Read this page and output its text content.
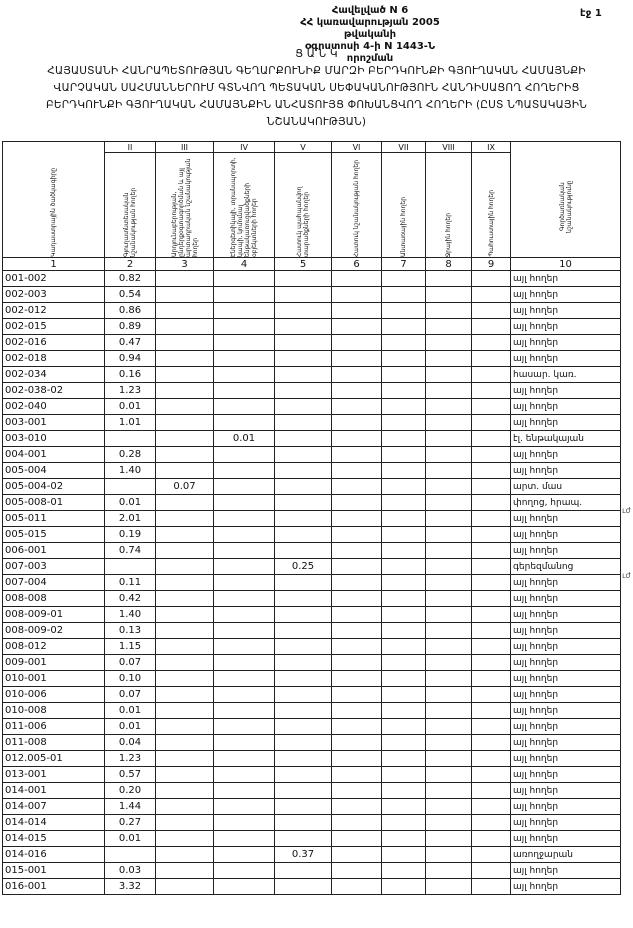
Հավելված N 6
ՀՀ կառավարության 2005 թվականի
օգոստոսի 4-ի N 1443-Ն որոշման
էջ 1
Ց Ա Ն Կ
ՀԱՅԱՍՏԱՆԻ ՀԱՆՐԱՊԵՏՈՒԹՅԱՆ ԳԵՂԱՐՔՈՒՆԻՔ ՄԱՐԶԻ ԲԵՐԴԿՈՒՆՔԻ ԳՅՈՒՂԱԿԱՆ ՀԱՄԱՅՆՔԻ
ՎԱՐՉԱԿԱՆ ՍԱՀՄԱՆՆԵՐՈՒՄ ԳՏՆՎՈՂ ՊԵՏԱԿԱՆ ՍԵՓԱԿԱՆՈՒԹՅՈՒՆ ՀԱՆԴԻՍԱՑՈՂ ՀՈՂԵՐԻՑ
ԲԵՐԴԿՈՒՆՔԻ ԳՅՈՒՂԱԿԱՆ ՀԱՄԱՅՆՔԻՆ ԱՆՀԱՏՈՒՅՑ ՓՈԽԱՆՑՎՈՂ ՀՈՂԵՐԻ (ԸՍՏ ՆՊԱՏԱԿԱՅԻՆ
ՆՇԱՆԱԿՈՒԹՅԱՆ)
Կադաստրային ծածկագիրը	II	III	IV	V	VI	VII	VIII	IX	Գործառնական նշանակությունը

	Գյուղատնտեսական նշանակության հողեր	Արդյունաբերության, ընդերքօգտագործման և այլ արտադրական նշանակության հողեր	Էներգետիկայի, տրանսպորտի, կապի, կոմունալ ենթակառուցվածքների օբյեկտների հողեր	Հատուկ պահպանվող տարածքների հողեր	Հատուկ նշանակության հողեր	Անտառային հողեր	Ջրային հողեր	Պահուստային հողեր	

1	2	3	4	5	6	7	8	9	10
001-002	0.82								այլ հողեր
002-003	0.54								այլ հողեր
002-012	0.86								այլ հողեր
002-015	0.89								այլ հողեր
002-016	0.47								այլ հողեր
002-018	0.94								այլ հողեր
002-034	0.16								հասար. կառ.
002-038-02	1.23								այլ հողեր
002-040	0.01								այլ հողեր
003-001	1.01								այլ հողեր
003-010			0.01						էլ. ենթակայան
004-001	0.28								այլ հողեր
005-004	1.40								այլ հողեր
005-004-02		0.07							արտ. մաս
005-008-01	0.01								փողոց, հրապ.
005-011	2.01								այլ հողեր
005-015	0.19								այլ հողեր
006-001	0.74								այլ հողեր
007-003				0.25					գերեզմանոց
007-004	0.11								այլ հողեր
008-008	0.42								այլ հողեր
008-009-01	1.40								այլ հողեր
008-009-02	0.13								այլ հողեր
008-012	1.15								այլ հողեր
009-001	0.07								այլ հողեր
010-001	0.10								այլ հողեր
010-006	0.07								այլ հողեր
010-008	0.01								այլ հողեր
011-006	0.01								այլ հողեր
011-008	0.04								այլ հողեր
012.005-01	1.23								այլ հողեր
013-001	0.57								այլ հողեր
014-001	0.20								այլ հողեր
014-007	1.44								այլ հողեր
014-014	0.27								այլ հողեր
014-015	0.01								այլ հողեր
014-016				0.37					առողջարան
015-001	0.03								այլ հողեր
016-001	3.32								այլ հողեր
ւժ
ւժ
